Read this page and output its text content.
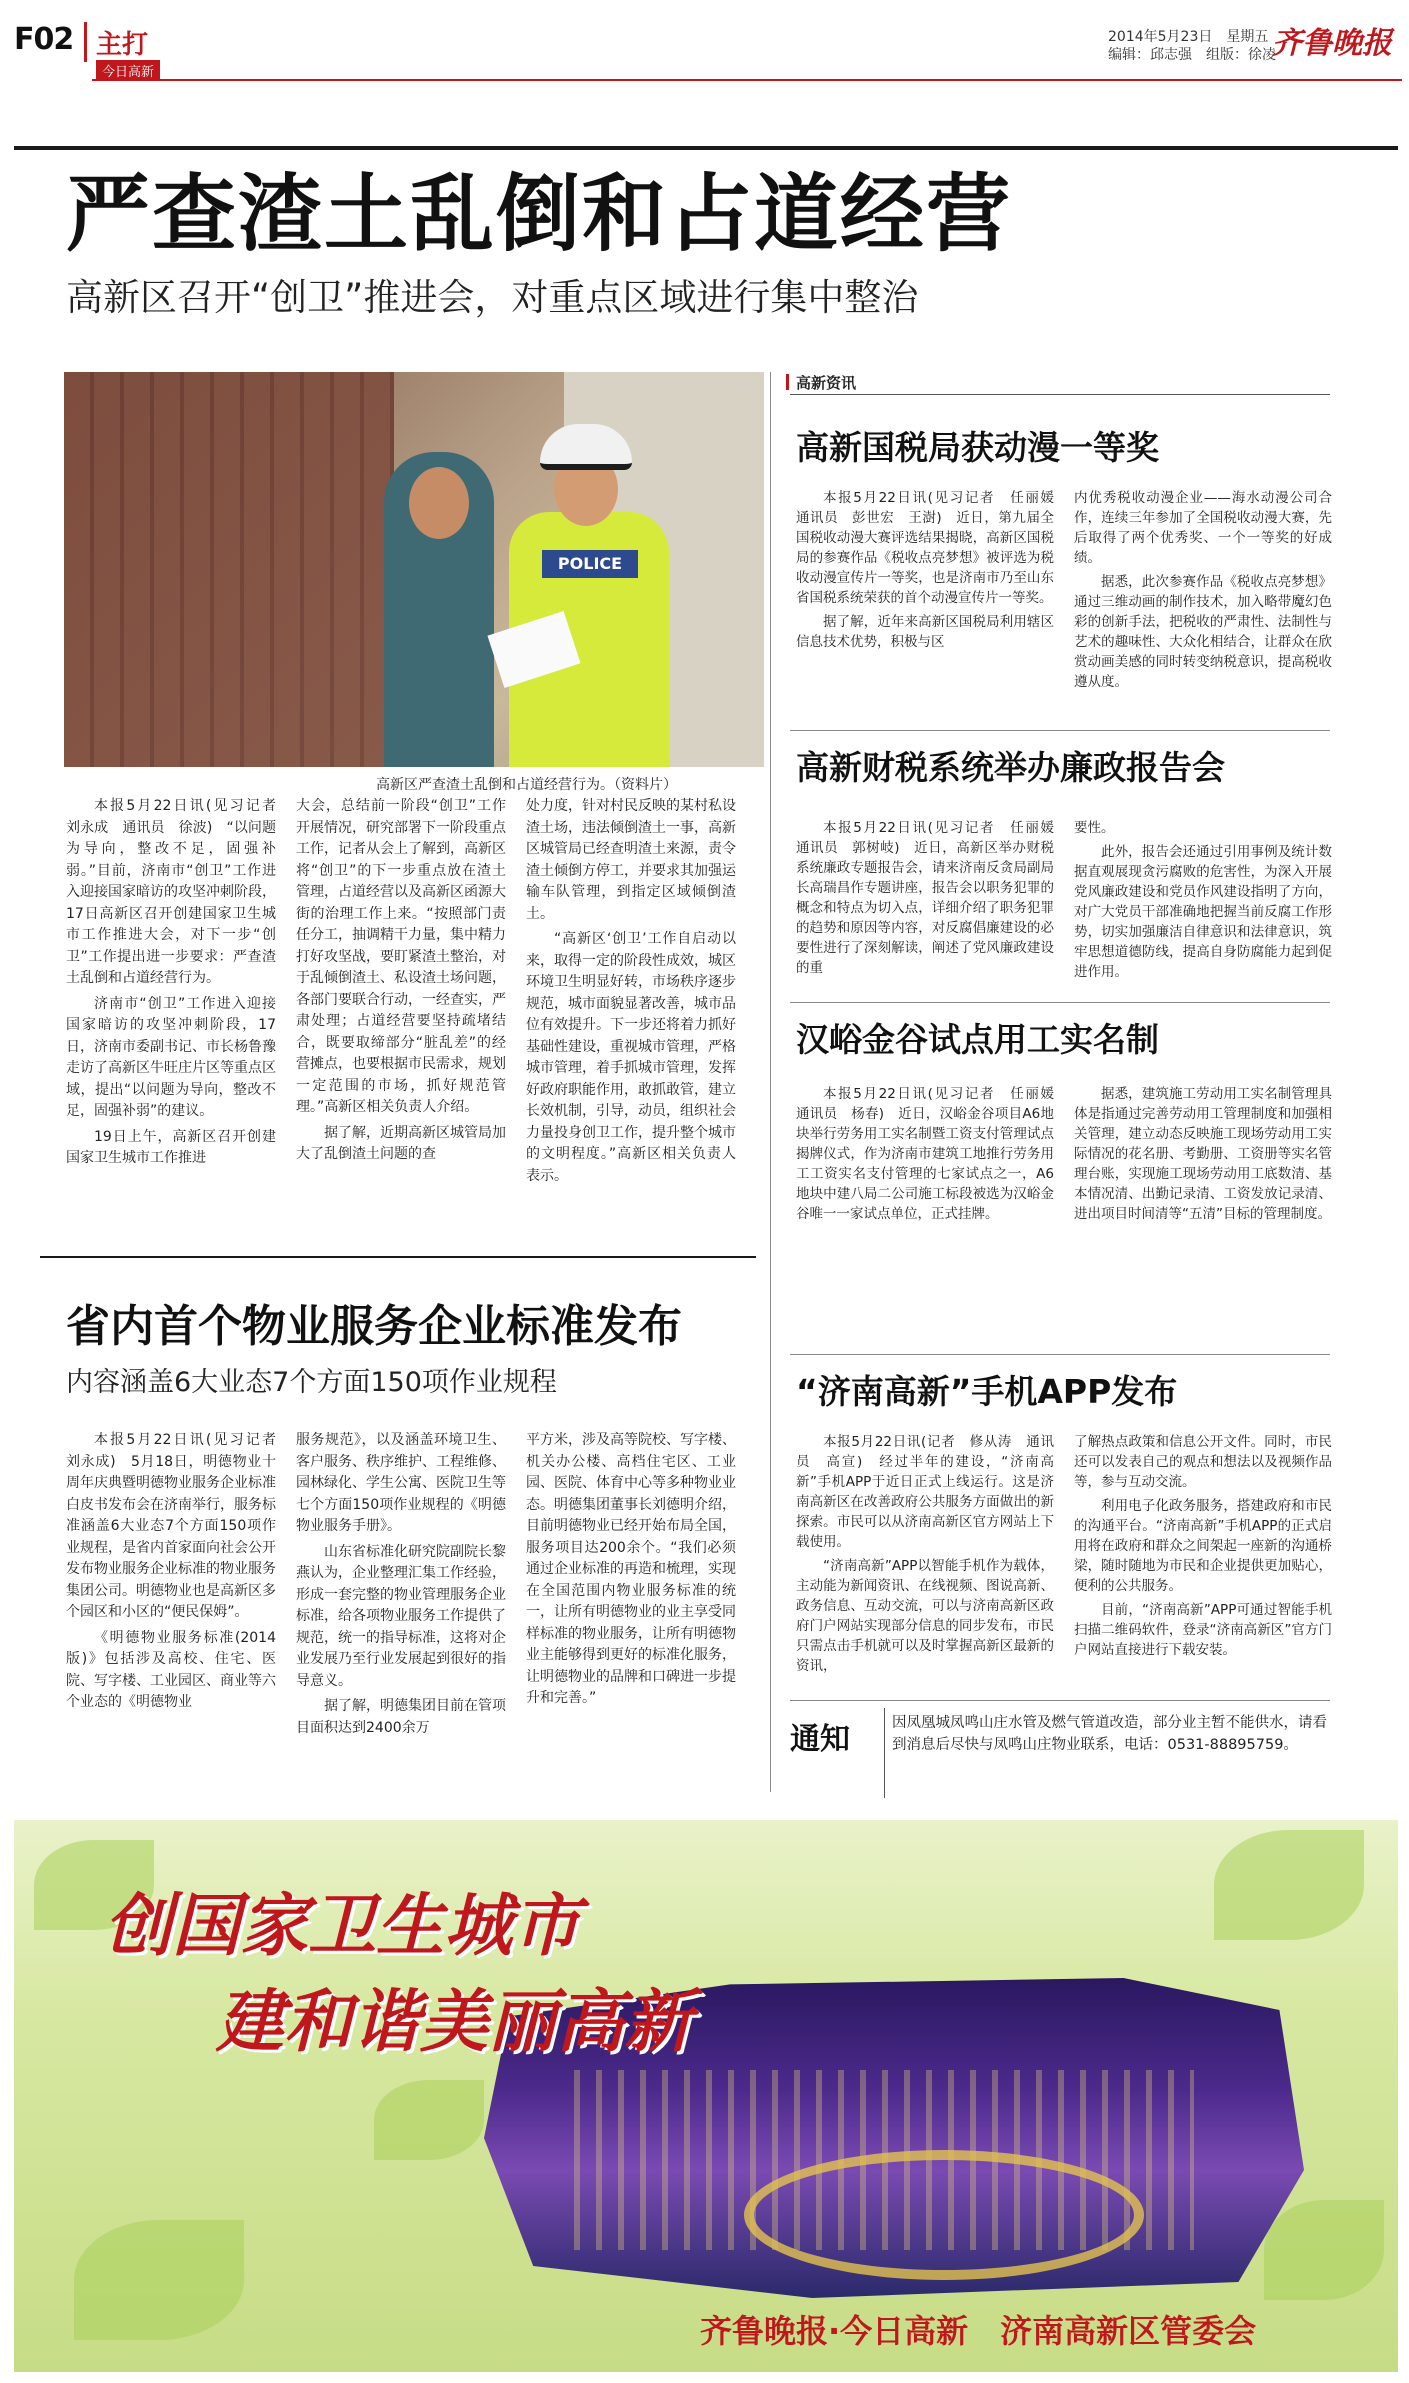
F02 主打
今日高新
2014年5月23日　星期五
编辑：邱志强　组版：徐凌
齐鲁晚报
严查渣土乱倒和占道经营
高新区召开“创卫”推进会，对重点区域进行集中整治
POLICE
高新区严查渣土乱倒和占道经营行为。（资料片）

本报5月22日讯(见习记者　刘永成　通讯员　徐波)　“以问题为导向，整改不足，固强补弱。”目前，济南市“创卫”工作进入迎接国家暗访的攻坚冲刺阶段，17日高新区召开创建国家卫生城市工作推进大会，对下一步“创卫”工作提出进一步要求：严查渣土乱倒和占道经营行为。

济南市“创卫”工作进入迎接国家暗访的攻坚冲刺阶段，17日，济南市委副书记、市长杨鲁豫走访了高新区牛旺庄片区等重点区域，提出“以问题为导向，整改不足，固强补弱”的建议。

19日上午，高新区召开创建国家卫生城市工作推进

大会，总结前一阶段“创卫”工作开展情况，研究部署下一阶段重点工作，记者从会上了解到，高新区将“创卫”的下一步重点放在渣土管理，占道经营以及高新区函源大街的治理工作上来。“按照部门责任分工，抽调精干力量，集中精力打好攻坚战，要盯紧渣土整治，对于乱倾倒渣土、私设渣土场问题，各部门要联合行动，一经查实，严肃处理；占道经营要坚持疏堵结合，既要取缔部分“脏乱差”的经营摊点，也要根据市民需求，规划一定范围的市场，抓好规范管理。”高新区相关负责人介绍。

据了解，近期高新区城管局加大了乱倒渣土问题的查

处力度，针对村民反映的某村私设渣土场，违法倾倒渣土一事，高新区城管局已经查明渣土来源，责令渣土倾倒方停工，并要求其加强运输车队管理，到指定区域倾倒渣土。

“高新区‘创卫’工作自启动以来，取得一定的阶段性成效，城区环境卫生明显好转，市场秩序逐步规范，城市面貌显著改善，城市品位有效提升。下一步还将着力抓好基础性建设，重视城市管理，严格城市管理，着手抓城市管理，发挥好政府职能作用，敢抓敢管，建立长效机制，引导，动员，组织社会力量投身创卫工作，提升整个城市的文明程度。”高新区相关负责人表示。

省内首个物业服务企业标准发布
内容涵盖6大业态7个方面150项作业规程

本报5月22日讯(见习记者　刘永成)　5月18日，明德物业十周年庆典暨明德物业服务企业标准白皮书发布会在济南举行，服务标准涵盖6大业态7个方面150项作业规程，是省内首家面向社会公开发布物业服务企业标准的物业服务集团公司。明德物业也是高新区多个园区和小区的“便民保姆”。

《明德物业服务标准(2014版)》包括涉及高校、住宅、医院、写字楼、工业园区、商业等六个业态的《明德物业

服务规范》，以及涵盖环境卫生、客户服务、秩序维护、工程维修、园林绿化、学生公寓、医院卫生等七个方面150项作业规程的《明德物业服务手册》。

山东省标准化研究院副院长黎燕认为，企业整理汇集工作经验，形成一套完整的物业管理服务企业标准，给各项物业服务工作提供了规范，统一的指导标准，这将对企业发展乃至行业发展起到很好的指导意义。

据了解，明德集团目前在管项目面积达到2400余万

平方米，涉及高等院校、写字楼、机关办公楼、高档住宅区、工业园、医院、体育中心等多种物业业态。明德集团董事长刘德明介绍，目前明德物业已经开始布局全国，服务项目达200余个。“我们必须通过企业标准的再造和梳理，实现在全国范围内物业服务标准的统一，让所有明德物业的业主享受同样标准的物业服务，让所有明德物业主能够得到更好的标准化服务，让明德物业的品牌和口碑进一步提升和完善。”

高新资讯
高新国税局获动漫一等奖

本报5月22日讯(见习记者　任丽媛　通讯员　彭世宏　王澍)　近日，第九届全国税收动漫大赛评选结果揭晓，高新区国税局的参赛作品《税收点亮梦想》被评选为税收动漫宣传片一等奖，也是济南市乃至山东省国税系统荣获的首个动漫宣传片一等奖。

据了解，近年来高新区国税局利用辖区信息技术优势，积极与区

内优秀税收动漫企业——海水动漫公司合作，连续三年参加了全国税收动漫大赛，先后取得了两个优秀奖、一个一等奖的好成绩。

据悉，此次参赛作品《税收点亮梦想》通过三维动画的制作技术，加入略带魔幻色彩的创新手法，把税收的严肃性、法制性与艺术的趣味性、大众化相结合，让群众在欣赏动画美感的同时转变纳税意识，提高税收遵从度。

高新财税系统举办廉政报告会

本报5月22日讯(见习记者　任丽媛　通讯员　郭树岐)　近日，高新区举办财税系统廉政专题报告会，请来济南反贪局副局长高瑞昌作专题讲座，报告会以职务犯罪的概念和特点为切入点，详细介绍了职务犯罪的趋势和原因等内容，对反腐倡廉建设的必要性进行了深刻解读，阐述了党风廉政建设的重

要性。

此外，报告会还通过引用事例及统计数据直观展现贪污腐败的危害性，为深入开展党风廉政建设和党员作风建设指明了方向，对广大党员干部准确地把握当前反腐工作形势，切实加强廉洁自律意识和法律意识，筑牢思想道德防线，提高自身防腐能力起到促进作用。

汉峪金谷试点用工实名制

本报5月22日讯(见习记者　任丽媛　通讯员　杨春)　近日，汉峪金谷项目A6地块举行劳务用工实名制暨工资支付管理试点揭牌仪式，作为济南市建筑工地推行劳务用工工资实名支付管理的七家试点之一，A6地块中建八局二公司施工标段被选为汉峪金谷唯一一家试点单位，正式挂牌。

据悉，建筑施工劳动用工实名制管理具体是指通过完善劳动用工管理制度和加强相关管理，建立动态反映施工现场劳动用工实际情况的花名册、考勤册、工资册等实名管理台账，实现施工现场劳动用工底数清、基本情况清、出勤记录清、工资发放记录清、进出项目时间清等“五清”目标的管理制度。

“济南高新”手机APP发布

本报5月22日讯(记者　修从涛　通讯员　高宣)　经过半年的建设，“济南高新”手机APP于近日正式上线运行。这是济南高新区在改善政府公共服务方面做出的新探索。市民可以从济南高新区官方网站上下载使用。

“济南高新”APP以智能手机作为载体，主动能为新闻资讯、在线视频、图说高新、政务信息、互动交流，可以与济南高新区政府门户网站实现部分信息的同步发布，市民只需点击手机就可以及时掌握高新区最新的资讯，

了解热点政策和信息公开文件。同时，市民还可以发表自己的观点和想法以及视频作品等，参与互动交流。

利用电子化政务服务，搭建政府和市民的沟通平台。“济南高新”手机APP的正式启用将在政府和群众之间架起一座新的沟通桥梁，随时随地为市民和企业提供更加贴心，便利的公共服务。

目前，“济南高新”APP可通过智能手机扫描二维码软件，登录“济南高新区”官方门户网站直接进行下载安装。

通知	因凤凰城凤鸣山庄水管及燃气管道改造，部分业主暂不能供水，请看到消息后尽快与凤鸣山庄物业联系，电话：0531-88895759。
创国家卫生城市
建和谐美丽高新
齐鲁晚报·今日高新　济南高新区管委会
